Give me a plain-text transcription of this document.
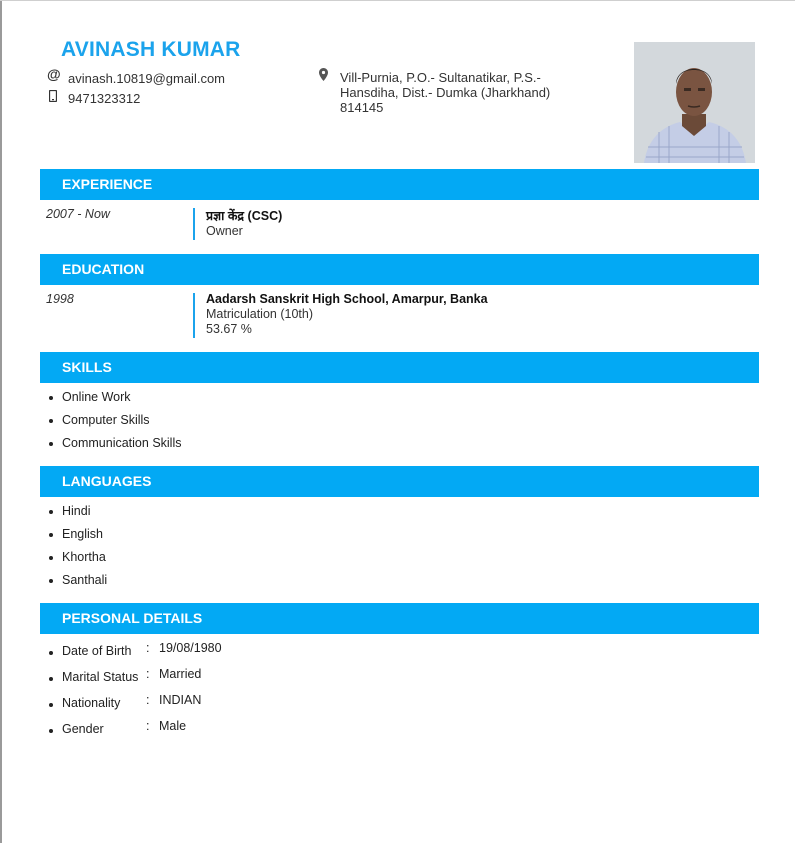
AVINASH KUMAR
@ avinash.10819@gmail.com
9471323312
Vill-Purnia, P.O.- Sultanatikar, P.S.-
Hansdiha, Dist.- Dumka (Jharkhand)
814145
EXPERIENCE
2007 - Now	प्रज्ञा केंद्र (CSC)
Owner
EDUCATION
1998	Aadarsh Sanskrit High School, Amarpur, Banka
Matriculation (10th)
53.67 %
SKILLS
Online Work
Computer Skills
Communication Skills
LANGUAGES
Hindi
English
Khortha
Santhali
PERSONAL DETAILS
Date of Birth : 19/08/1980
Marital Status : Married
Nationality : INDIAN
Gender	: Male
